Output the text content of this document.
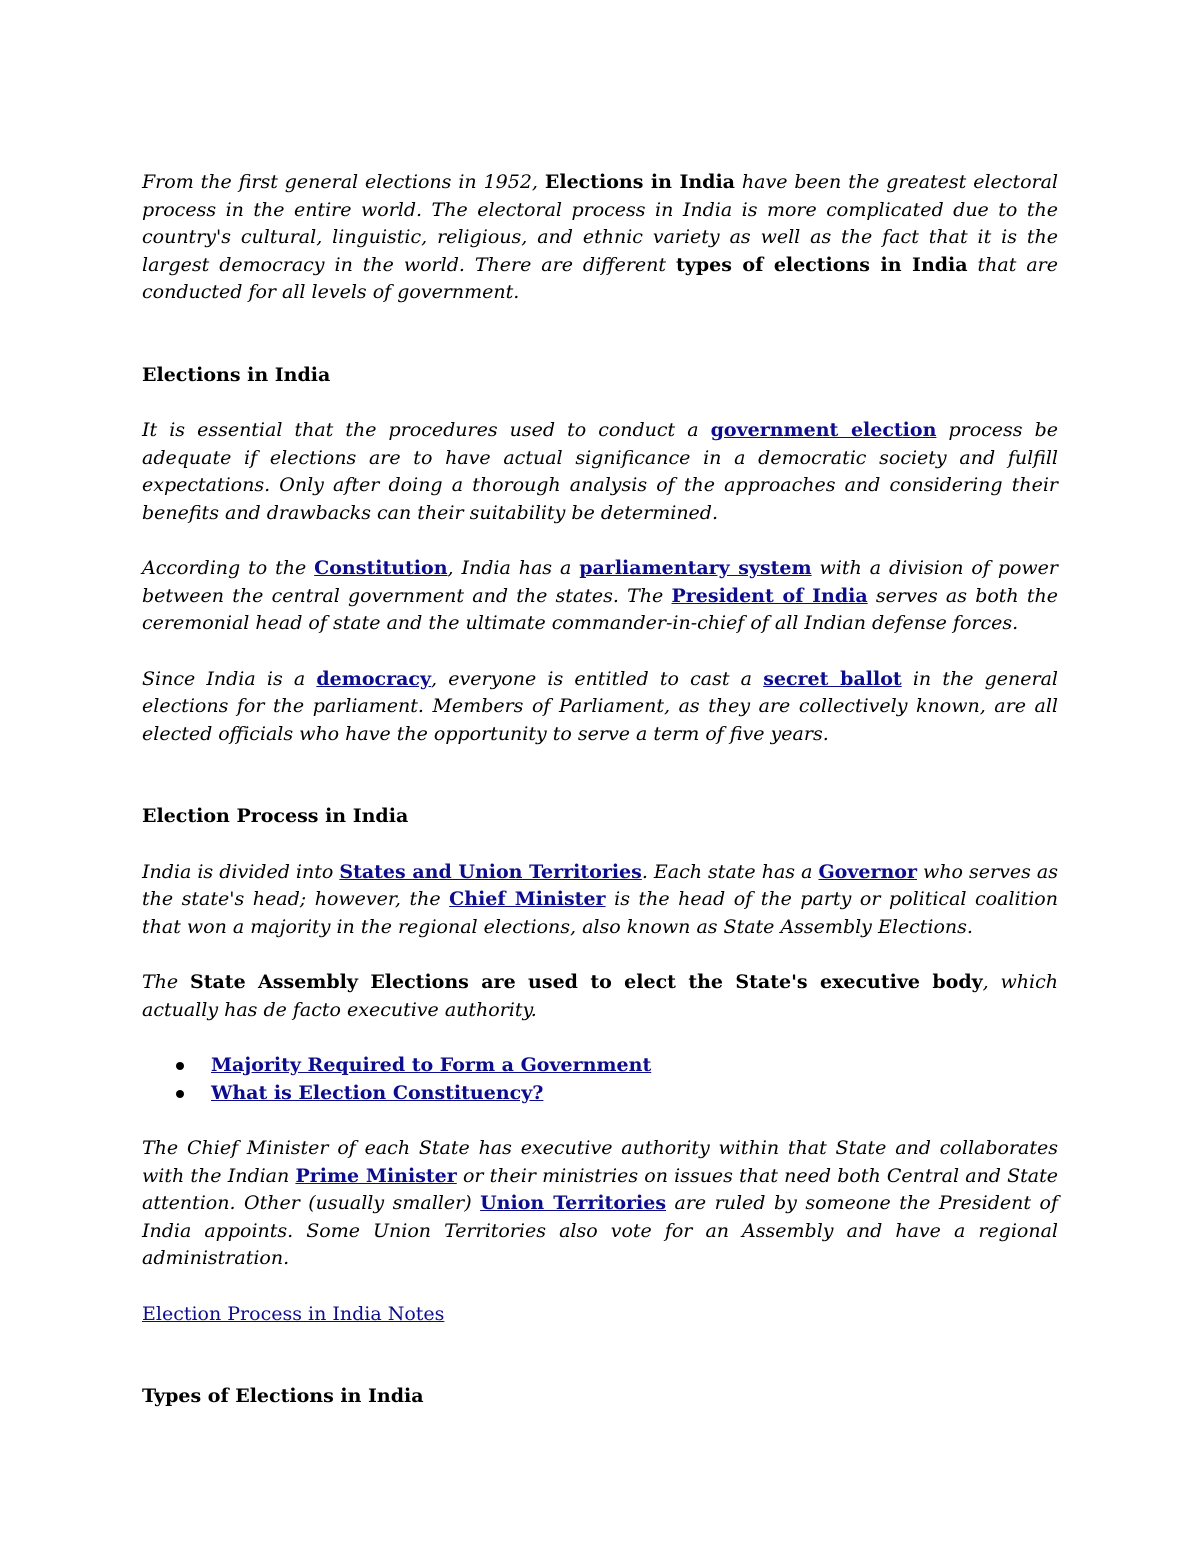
From the first general elections in 1952, Elections in India have been the greatest electoral process in the entire world. The electoral process in India is more complicated due to the country's cultural, linguistic, religious, and ethnic variety as well as the fact that it is the largest democracy in the world. There are different types of elections in India that are conducted for all levels of government.

Elections in India

It is essential that the procedures used to conduct a government election process be adequate if elections are to have actual significance in a democratic society and fulfill expectations. Only after doing a thorough analysis of the approaches and considering their benefits and drawbacks can their suitability be determined.

According to the Constitution, India has a parliamentary system with a division of power between the central government and the states. The President of India serves as both the ceremonial head of state and the ultimate commander-in-chief of all Indian defense forces.

Since India is a democracy, everyone is entitled to cast a secret ballot in the general elections for the parliament. Members of Parliament, as they are collectively known, are all elected officials who have the opportunity to serve a term of five years.

Election Process in India

India is divided into States and Union Territories. Each state has a Governor who serves as the state's head; however, the Chief Minister is the head of the party or political coalition that won a majority in the regional elections, also known as State Assembly Elections.

The State Assembly Elections are used to elect the State's executive body, which actually has de facto executive authority.

Majority Required to Form a Government
What is Election Constituency?

The Chief Minister of each State has executive authority within that State and collaborates with the Indian Prime Minister or their ministries on issues that need both Central and State attention. Other (usually smaller) Union Territories are ruled by someone the President of India appoints. Some Union Territories also vote for an Assembly and have a regional administration.

Election Process in India Notes

Types of Elections in India
